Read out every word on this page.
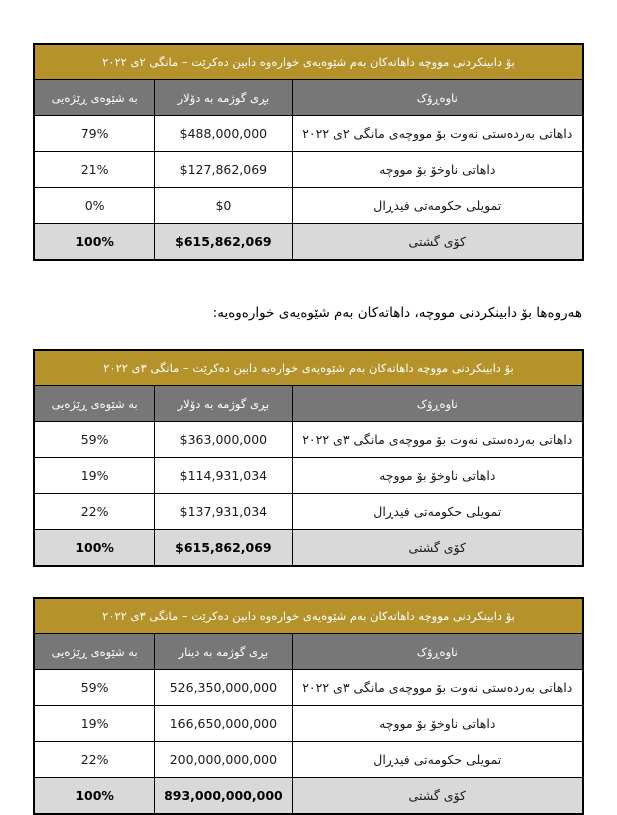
بۆ دابینکردنی مووچە داهاتەکان بەم شێوەیەی خوارەوە دابین دەکرێت – مانگی ٢ی ٢٠٢٢		
ناوەڕۆک	بڕی گوژمە بە دۆلار	بە شێوەی ڕێژەیی
داهاتی بەردەستی نەوت بۆ مووچەی مانگی ٢ی ٢٠٢٢	$488,000,000	79%
داهاتی ناوخۆ بۆ مووچە	$127,862,069	21%
تمویلی حکومەتی فیدڕال	$0	0%
کۆی گشتی	$615,862,069	100%

هەروەها بۆ دابینکردنی مووچە، داهاتەکان بەم شێوەیەی خوارەوەیە:

بۆ دابینکردنی مووچە داهاتەکان بەم شێوەیەی خوارەیە دابین دەکرێت – مانگی ٣ی ٢٠٢٢		
ناوەڕۆک	بڕی گوژمە بە دۆلار	بە شێوەی ڕێژەیی
داهاتی بەردەستی نەوت بۆ مووچەی مانگی ٣ی ٢٠٢٢	$363,000,000	59%
داهاتی ناوخۆ بۆ مووچە	$114,931,034	19%
تمویلی حکومەتی فیدڕال	$137,931,034	22%
کۆی گشتی	$615,862,069	100%
بۆ دابینکردنی مووچە داهاتەکان بەم شێوەیەی خوارەوە دابین دەکرێت – مانگی ٣ی ٢٠٢٢		
ناوەڕۆک	بڕی گوژمە بە دینار	بە شێوەی ڕێژەیی
داهاتی بەردەستی نەوت بۆ مووچەی مانگی ٣ی ٢٠٢٢	526,350,000,000	59%
داهاتی ناوخۆ بۆ مووچە	166,650,000,000	19%
تمویلی حکومەتی فیدڕال	200,000,000,000	22%
کۆی گشتی	893,000,000,000	100%
